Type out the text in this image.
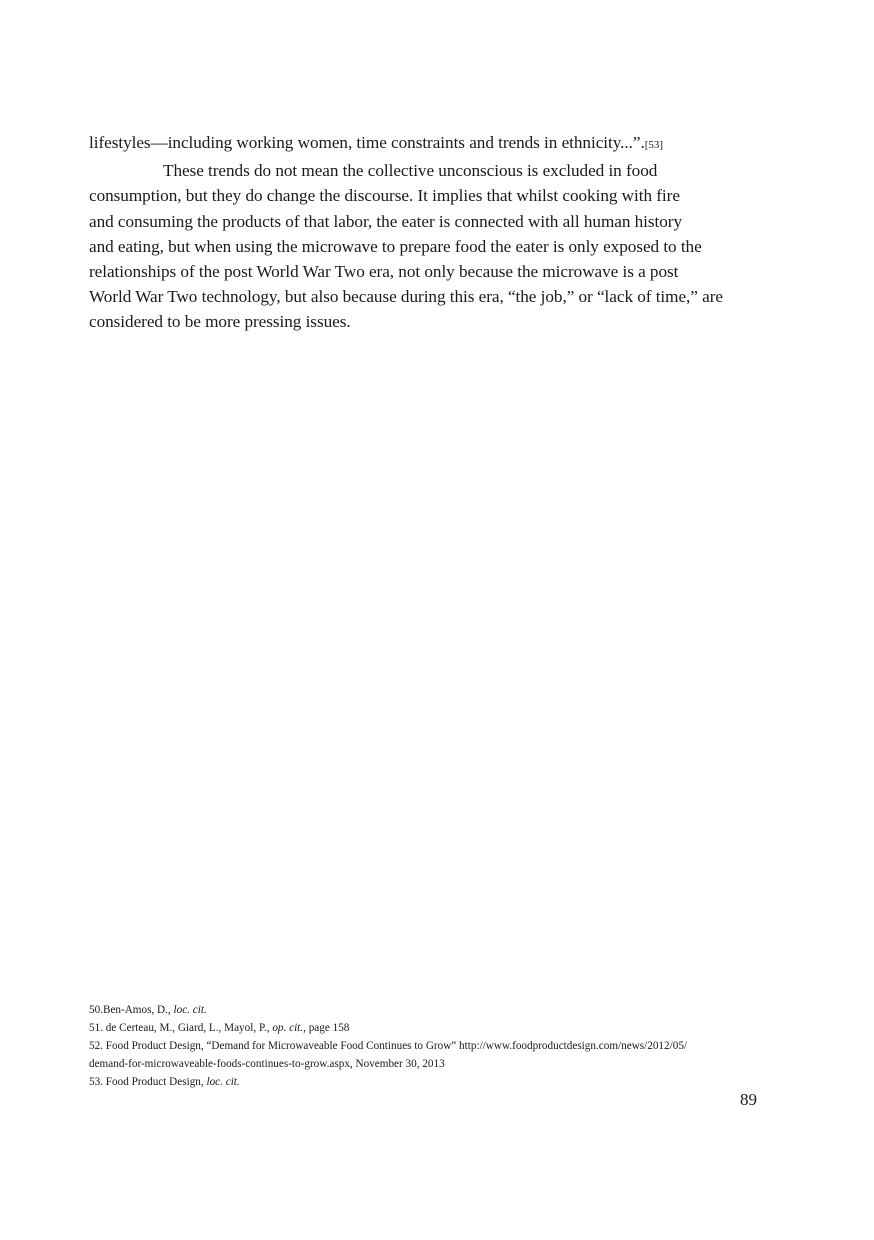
lifestyles—including working women, time constraints and trends in ethnicity...”.[53]
These trends do not mean the collective unconscious is excluded in food
consumption, but they do change the discourse. It implies that whilst cooking with fire
and consuming the products of that labor, the eater is connected with all human history
and eating, but when using the microwave to prepare food the eater is only exposed to the
relationships of the post World War Two era, not only because the microwave is a post
World War Two technology, but also because during this era, “the job,” or “lack of time,” are
considered to be more pressing issues.
50.Ben-Amos, D., loc. cit.
51. de Certeau, M., Giard, L., Mayol, P., op. cit., page 158
52. Food Product Design, “Demand for Microwaveable Food Continues to Grow” http://www.foodproductdesign.com/news/2012/05/
demand-for-microwaveable-foods-continues-to-grow.aspx, November 30, 2013
53. Food Product Design, loc. cit.
89
